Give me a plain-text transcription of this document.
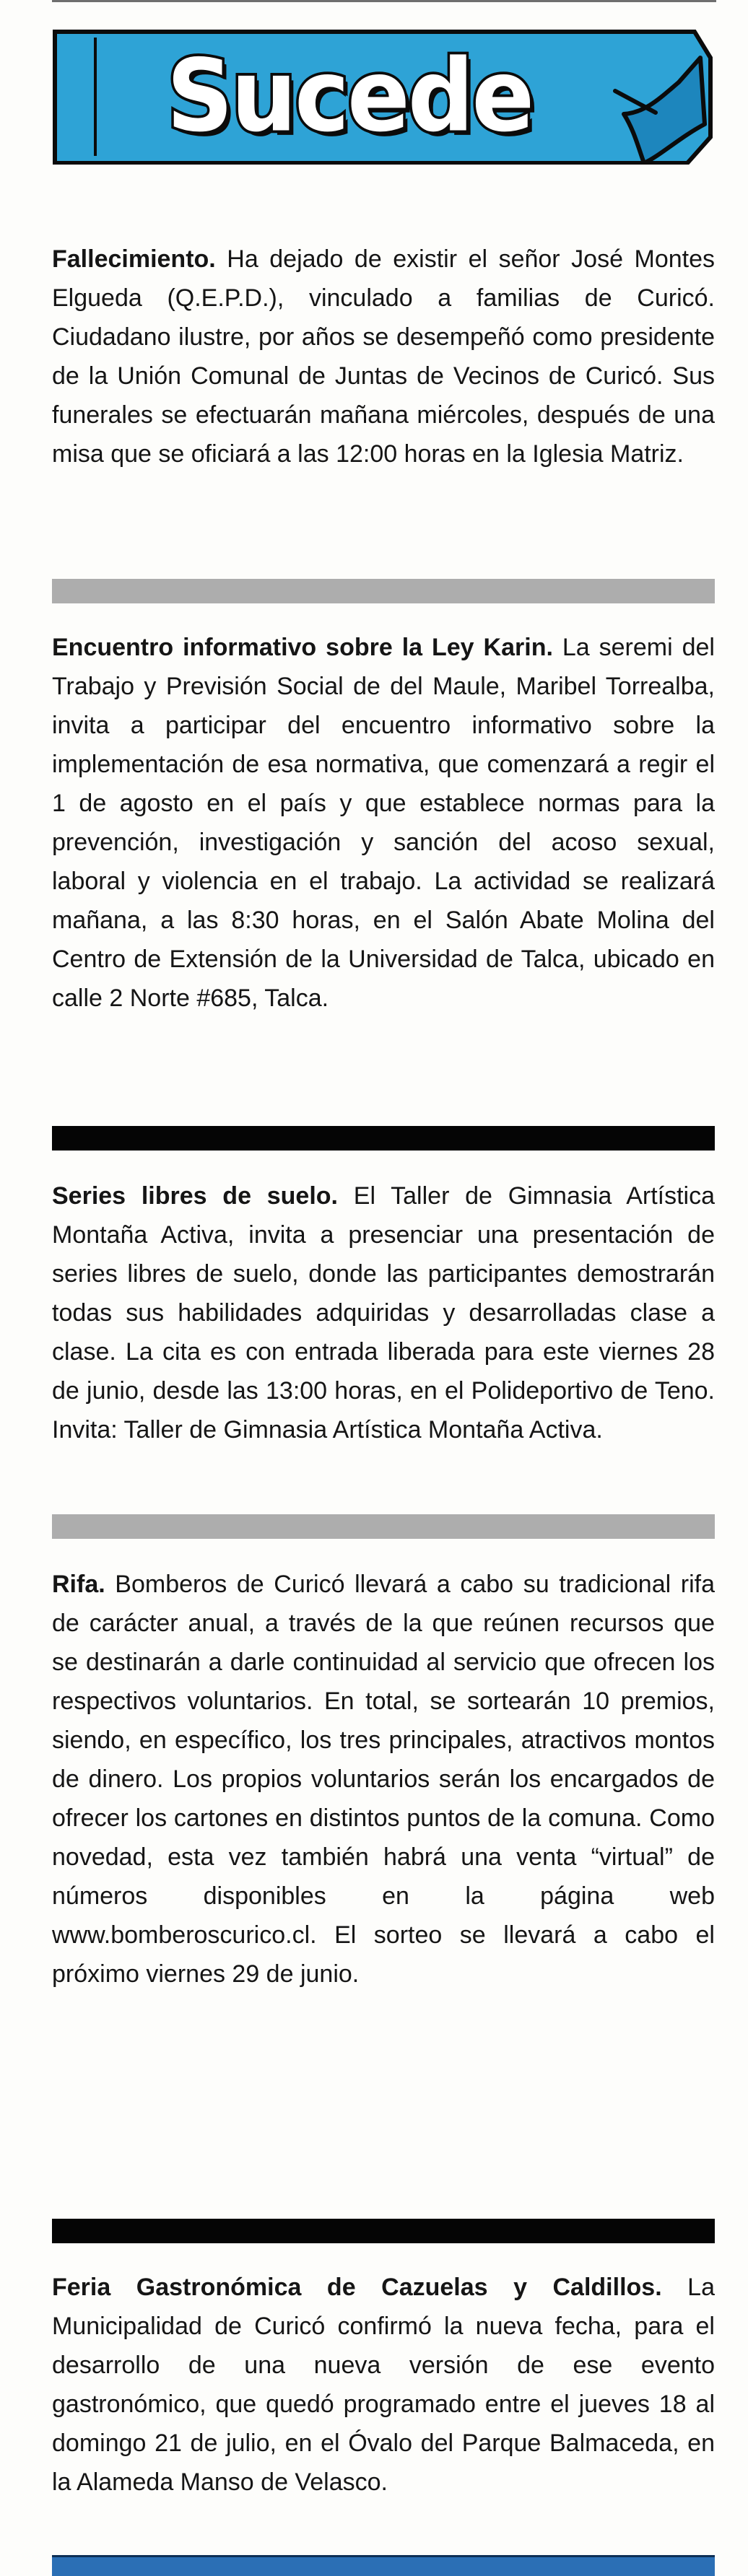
Sucede

Fallecimiento. Ha dejado de existir el señor José Montes Elgueda (Q.E.P.D.), vinculado a familias de Curicó. Ciudadano ilustre, por años se desempeñó como presidente de la Unión Comunal de Juntas de Vecinos de Curicó. Sus funerales se efectuarán mañana miércoles, después de una misa que se oficiará a las 12:00 horas en la Iglesia Matriz.

Encuentro informativo sobre la Ley Karin. La seremi del Trabajo y Previsión Social de del Maule, Maribel Torrealba, invita a participar del encuentro informativo sobre la implementación de esa normativa, que comenzará a regir el 1 de agosto en el país y que establece normas para la prevención, investigación y sanción del acoso sexual, laboral y violencia en el trabajo. La actividad se realizará mañana, a las 8:30 horas, en el Salón Abate Molina del Centro de Extensión de la Universidad de Talca, ubicado en calle 2 Norte #685, Talca.

Series libres de suelo. El Taller de Gimnasia Artística Montaña Activa, invita a presenciar una presentación de series libres de suelo, donde las participantes demostrarán todas sus habilidades adquiridas y desarrolladas clase a clase. La cita es con entrada liberada para este viernes 28 de junio, desde las 13:00 horas, en el Polideportivo de Teno. Invita: Taller de Gimnasia Artística Montaña Activa.

Rifa. Bomberos de Curicó llevará a cabo su tradicional rifa de carácter anual, a través de la que reúnen recursos que se destinarán a darle continuidad al servicio que ofrecen los respectivos voluntarios. En total, se sortearán 10 premios, siendo, en específico, los tres principales, atractivos montos de dinero. Los propios voluntarios serán los encargados de ofrecer los cartones en distintos puntos de la comuna. Como novedad, esta vez también habrá una venta “virtual” de números disponibles en la página web www.bomberoscurico.cl. El sorteo se llevará a cabo el próximo viernes 29 de junio.

Feria Gastronómica de Cazuelas y Caldillos. La Municipalidad de Curicó confirmó la nueva fecha, para el desarrollo de una nueva versión de ese evento gastronómico, que quedó programado entre el jueves 18 al domingo 21 de julio, en el Óvalo del Parque Balmaceda, en la Alameda Manso de Velasco.
